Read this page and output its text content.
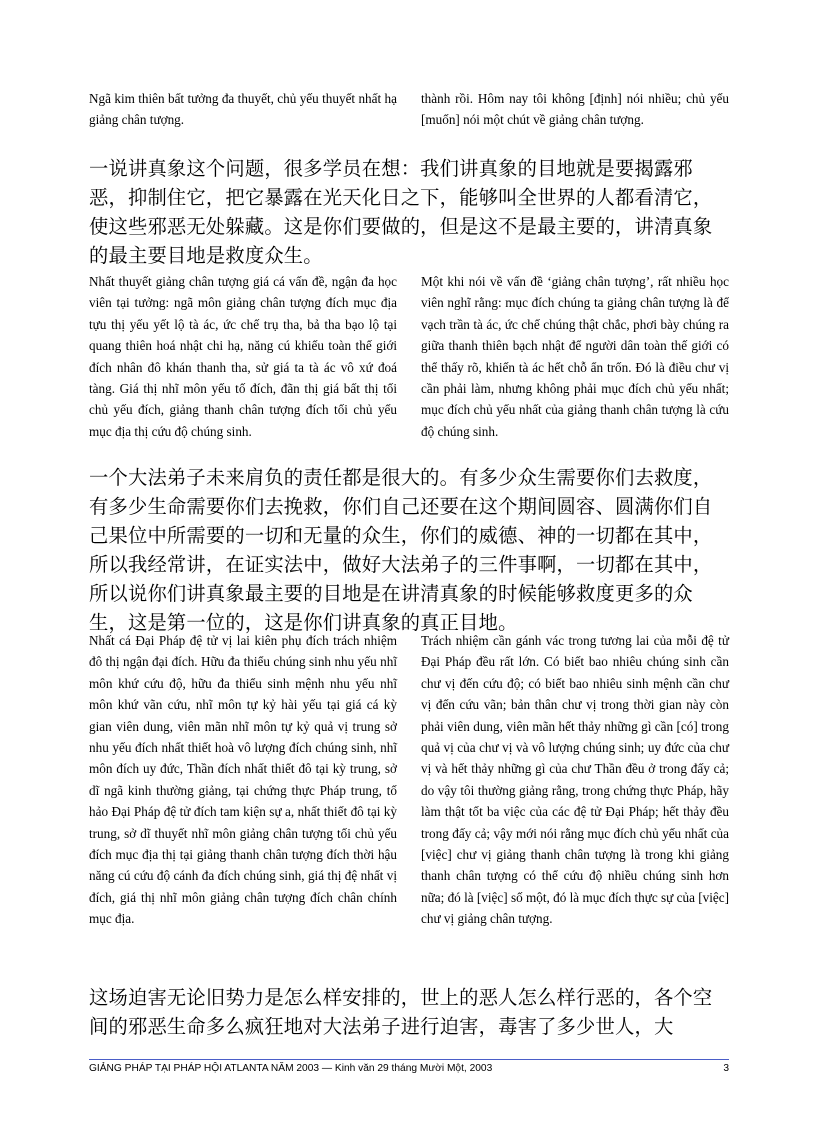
Ngã kim thiên bất tưởng đa thuyết, chủ yếu thuyết nhất hạ giảng chân tượng.
thành rồi. Hôm nay tôi không [định] nói nhiều; chủ yếu [muốn] nói một chút về giảng chân tượng.

一说讲真象这个问题，很多学员在想：我们讲真象的目地就是要揭露邪恶，抑制住它，把它暴露在光天化日之下，能够叫全世界的人都看清它，使这些邪恶无处躲藏。这是你们要做的，但是这不是最主要的，讲清真象的最主要目地是救度众生。

Nhất thuyết giảng chân tượng giá cá vấn đề, ngận đa học viên tại tưởng: ngã môn giảng chân tượng đích mục địa tựu thị yếu yết lộ tà ác, ức chế trụ tha, bả tha bạo lộ tại quang thiên hoá nhật chi hạ, năng cú khiếu toàn thế giới đích nhân đô khán thanh tha, sử giá ta tà ác vô xứ đoá tàng. Giá thị nhĩ môn yếu tố đích, đãn thị giá bất thị tối chủ yếu đích, giảng thanh chân tượng đích tối chủ yếu mục địa thị cứu độ chúng sinh.
Một khi nói về vấn đề ‘giảng chân tượng’, rất nhiều học viên nghĩ rằng: mục đích chúng ta giảng chân tượng là để vạch trần tà ác, ức chế chúng thật chắc, phơi bày chúng ra giữa thanh thiên bạch nhật để người dân toàn thế giới có thể thấy rõ, khiến tà ác hết chỗ ẩn trốn. Đó là điều chư vị cần phải làm, nhưng không phải mục đích chủ yếu nhất; mục đích chủ yếu nhất của giảng thanh chân tượng là cứu độ chúng sinh.

一个大法弟子未来肩负的责任都是很大的。有多少众生需要你们去救度，有多少生命需要你们去挽救，你们自己还要在这个期间圆容、圆满你们自己果位中所需要的一切和无量的众生，你们的威德、神的一切都在其中，所以我经常讲，在证实法中，做好大法弟子的三件事啊，一切都在其中，所以说你们讲真象最主要的目地是在讲清真象的时候能够救度更多的众生，这是第一位的，这是你们讲真象的真正目地。

Nhất cá Đại Pháp đệ tử vị lai kiên phụ đích trách nhiệm đô thị ngận đại đích. Hữu đa thiểu chúng sinh nhu yếu nhĩ môn khứ cứu độ, hữu đa thiểu sinh mệnh nhu yếu nhĩ môn khứ vãn cứu, nhĩ môn tự kỷ hài yếu tại giá cá kỳ gian viên dung, viên mãn nhĩ môn tự kỷ quả vị trung sở nhu yếu đích nhất thiết hoà vô lượng đích chúng sinh, nhĩ môn đích uy đức, Thần đích nhất thiết đô tại kỳ trung, sở dĩ ngã kinh thường giảng, tại chứng thực Pháp trung, tố hảo Đại Pháp đệ tử đích tam kiện sự a, nhất thiết đô tại kỳ trung, sở dĩ thuyết nhĩ môn giảng chân tượng tối chủ yếu đích mục địa thị tại giảng thanh chân tượng đích thời hậu năng cú cứu độ cánh đa đích chúng sinh, giá thị đệ nhất vị đích, giá thị nhĩ môn giảng chân tượng đích chân chính mục địa.
Trách nhiệm cần gánh vác trong tương lai của mỗi đệ tử Đại Pháp đều rất lớn. Có biết bao nhiêu chúng sinh cần chư vị đến cứu độ; có biết bao nhiêu sinh mệnh cần chư vị đến cứu vãn; bản thân chư vị trong thời gian này còn phải viên dung, viên mãn hết thảy những gì cần [có] trong quả vị của chư vị và vô lượng chúng sinh; uy đức của chư vị và hết thảy những gì của chư Thần đều ở trong đấy cả; do vậy tôi thường giảng rằng, trong chứng thực Pháp, hãy làm thật tốt ba việc của các đệ tử Đại Pháp; hết thảy đều trong đấy cả; vậy mới nói rằng mục đích chủ yếu nhất của [việc] chư vị giảng thanh chân tượng là trong khi giảng thanh chân tượng có thể cứu độ nhiều chúng sinh hơn nữa; đó là [việc] số một, đó là mục đích thực sự của [việc] chư vị giảng chân tượng.

这场迫害无论旧势力是怎么样安排的，世上的恶人怎么样行恶的，各个空间的邪恶生命多么疯狂地对大法弟子进行迫害，毒害了多少世人，大

GIẢNG PHÁP TẠI PHÁP HỘI ATLANTA NĂM 2003 — Kinh văn 29 tháng Mười Một, 2003	3
